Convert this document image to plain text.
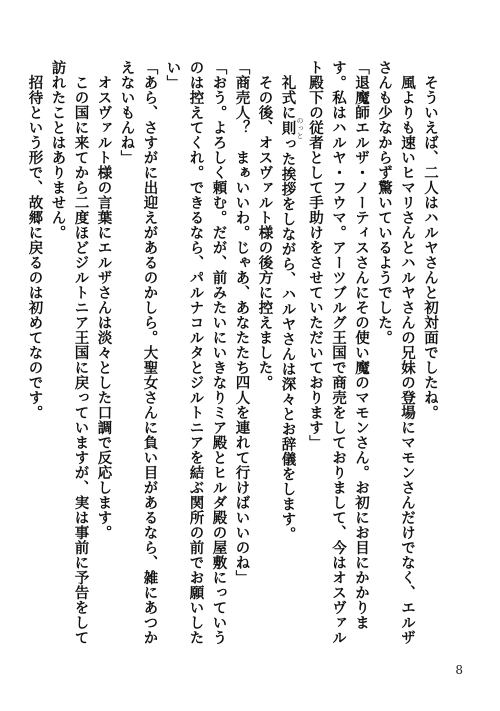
そういえば、二人はハルヤさんと初対面でしたね。

風よりも速いヒマリさんとハルヤさんの兄妹の登場にマモンさんだけでなく、エルザさんも少なからず驚いているようでした。

「退魔師エルザ・ノーティスさんにその使い魔のマモンさん。お初にお目にかかります。私はハルヤ・フウマ。アーツブルグ王国で商売をしておりまして、今はオスヴァルト殿下の従者として手助けをさせていただいております」

礼式に則 のっとった挨拶をしながら、ハルヤさんは深々とお辞儀をします。

その後、オスヴァルト様の後方に控えました。

「商売人？　まぁいいわ。じゃあ、あなたたち四人を連れて行けばいいのね」

「おう。よろしく頼む。だが、前みたいにいきなりミア殿とヒルダ殿の屋敷にっていうのは控えてくれ。できるなら、パルナコルタとジルトニアを結ぶ関所の前でお願いしたい」

「あら、さすがに出迎えがあるのかしら。大聖女さんに負い目があるなら、雑にあつかえないもんね」

オスヴァルト様の言葉にエルザさんは淡々とした口調で反応します。

この国に来てから二度ほどジルトニア王国に戻っていますが、実は事前に予告をして訪れたことはありません。

招待という形で、故郷に戻るのは初めてなのです。

8
